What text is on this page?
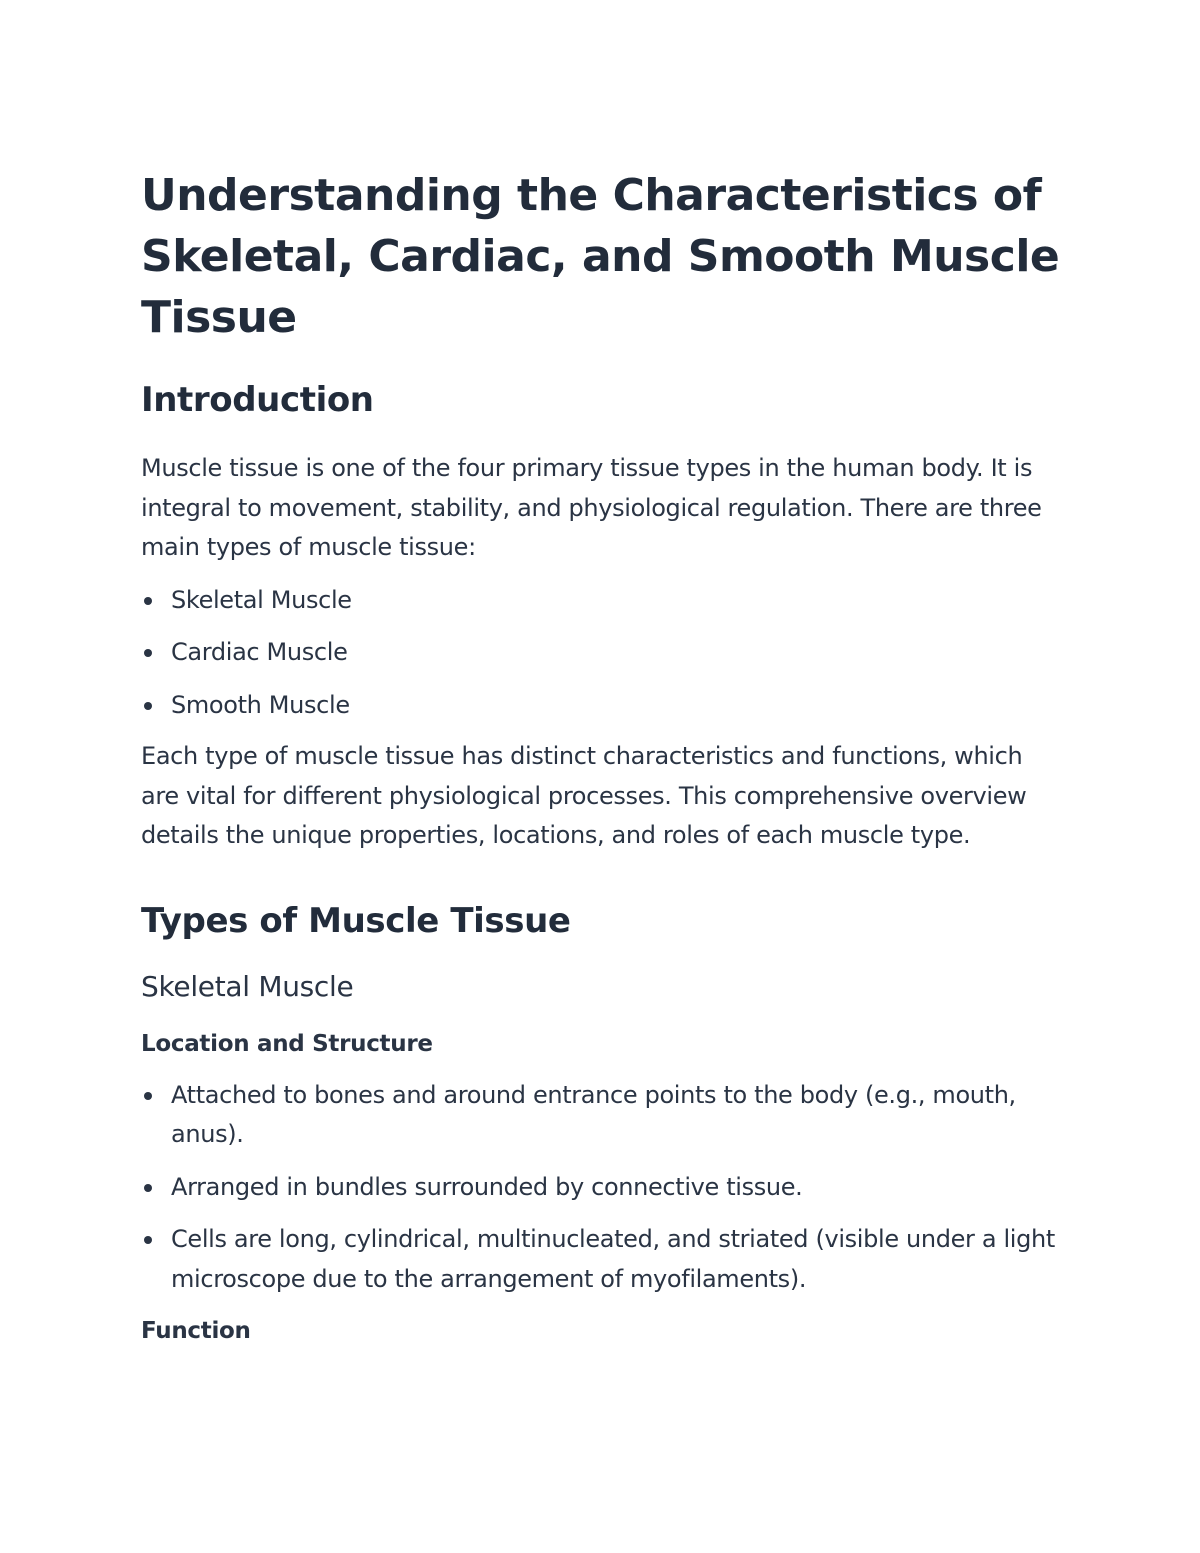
Understanding the Characteristics of Skeletal, Cardiac, and Smooth Muscle Tissue
Introduction

Muscle tissue is one of the four primary tissue types in the human body. It is integral to movement, stability, and physiological regulation. There are three main types of muscle tissue:

Skeletal Muscle
Cardiac Muscle
Smooth Muscle

Each type of muscle tissue has distinct characteristics and functions, which are vital for different physiological processes. This comprehensive overview details the unique properties, locations, and roles of each muscle type.

Types of Muscle Tissue
Skeletal Muscle
Location and Structure
Attached to bones and around entrance points to the body (e.g., mouth, anus).
Arranged in bundles surrounded by connective tissue.
Cells are long, cylindrical, multinucleated, and striated (visible under a light microscope due to the arrangement of myofilaments).
Function
